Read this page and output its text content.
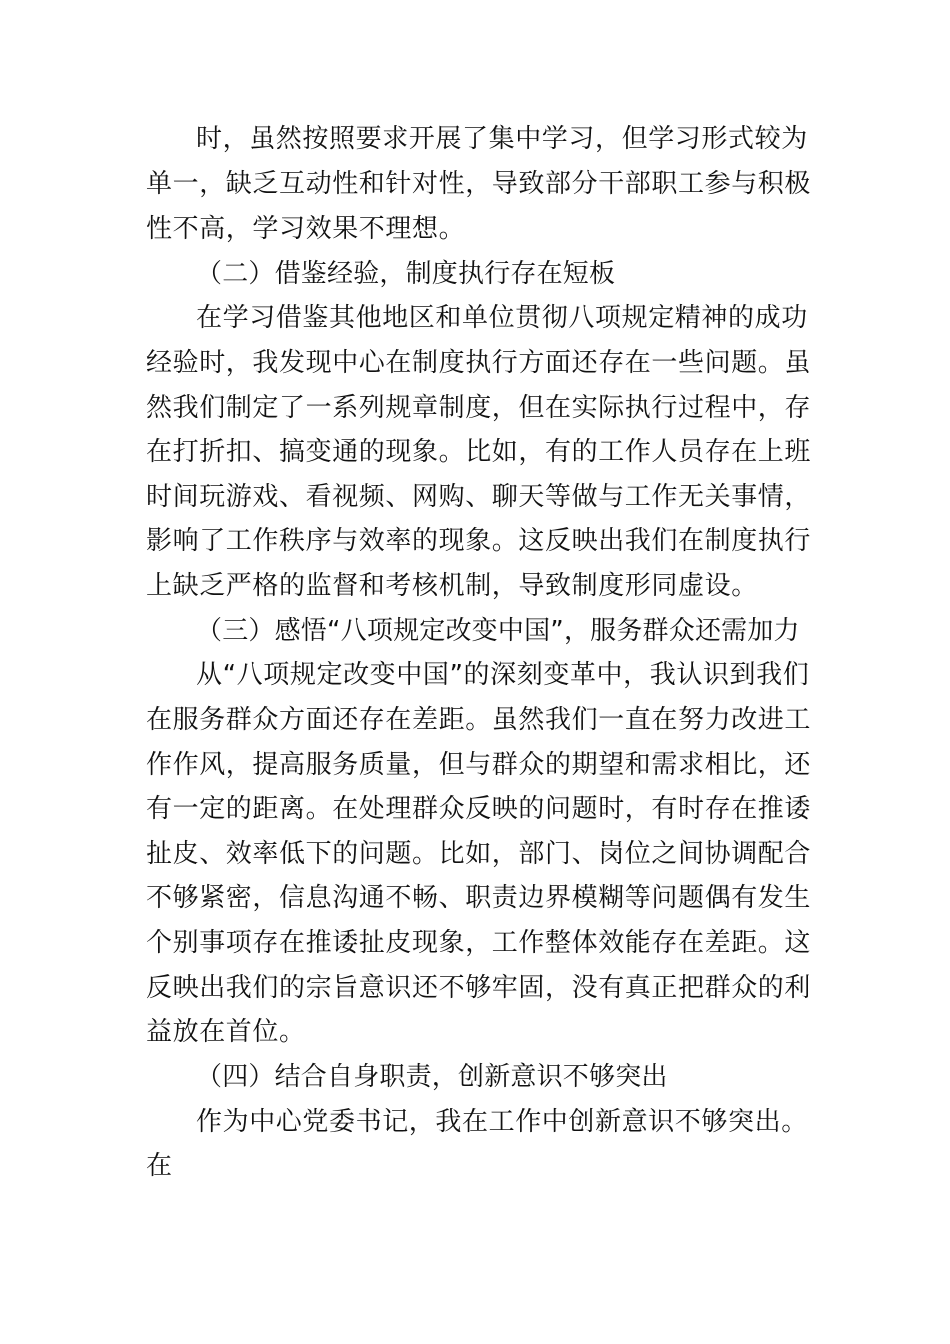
时，虽然按照要求开展了集中学习，但学习形式较为
单一，缺乏互动性和针对性，导致部分干部职工参与积极
性不高，学习效果不理想。
（二）借鉴经验，制度执行存在短板
在学习借鉴其他地区和单位贯彻八项规定精神的成功
经验时，我发现中心在制度执行方面还存在一些问题。虽
然我们制定了一系列规章制度，但在实际执行过程中，存
在打折扣、搞变通的现象。比如，有的工作人员存在上班
时间玩游戏、看视频、网购、聊天等做与工作无关事情，
影响了工作秩序与效率的现象。这反映出我们在制度执行
上缺乏严格的监督和考核机制，导致制度形同虚设。
（三）感悟“八项规定改变中国”，服务群众还需加力
从“八项规定改变中国”的深刻变革中，我认识到我们
在服务群众方面还存在差距。虽然我们一直在努力改进工
作作风，提高服务质量，但与群众的期望和需求相比，还
有一定的距离。在处理群众反映的问题时，有时存在推诿
扯皮、效率低下的问题。比如，部门、岗位之间协调配合
不够紧密，信息沟通不畅、职责边界模糊等问题偶有发生
个别事项存在推诿扯皮现象，工作整体效能存在差距。这
反映出我们的宗旨意识还不够牢固，没有真正把群众的利
益放在首位。
（四）结合自身职责，创新意识不够突出
作为中心党委书记，我在工作中创新意识不够突出。
在
